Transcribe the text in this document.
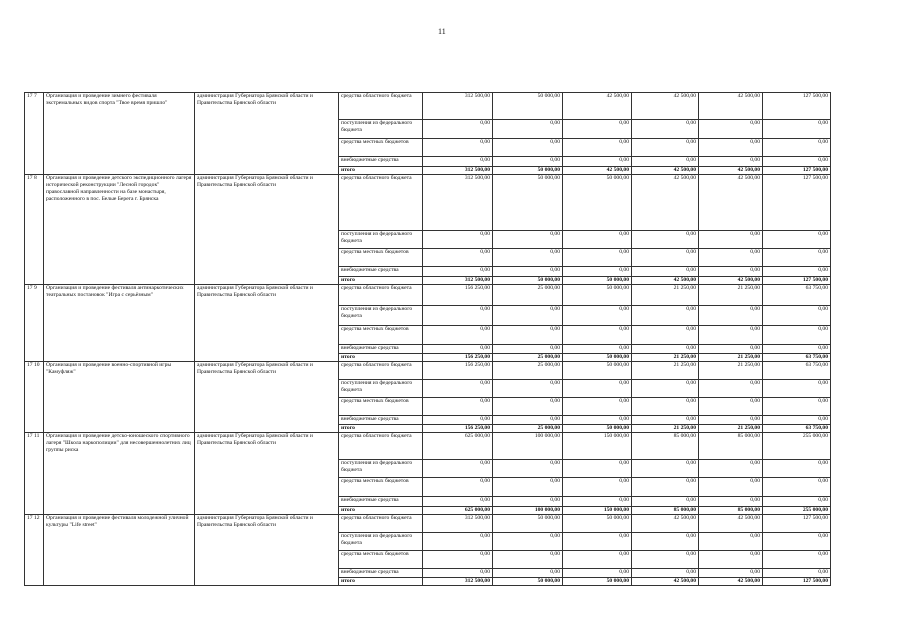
11
17 7	Организация и проведение зимнего фестиваля экстремальных видов спорта "Твое время пришло"	администрация Губернатора Брянской области и Правительства Брянской области	средства областного бюджета	312 500,00	50 000,00	42 500,00	42 500,00	42 500,00	127 500,00
			поступления из федерального бюджета	0,00	0,00	0,00	0,00	0,00	0,00
			средства местных бюджетов	0,00	0,00	0,00	0,00	0,00	0,00
			внебюджетные средства	0,00	0,00	0,00	0,00	0,00	0,00
			итого	312 500,00	50 000,00	42 500,00	42 500,00	42 500,00	127 500,00
17 8	Организация и проведение детского экспедиционного лагеря исторической реконструкции "Лесной городок" православной направленности на базе монастыря, расположенного в пос. Белые Берега г. Брянска	администрация Губернатора Брянской области и Правительства Брянской области	средства областного бюджета	312 500,00	50 000,00	50 000,00	42 500,00	42 500,00	127 500,00
			поступления из федерального бюджета	0,00	0,00	0,00	0,00	0,00	0,00
			средства местных бюджетов	0,00	0,00	0,00	0,00	0,00	0,00
			внебюджетные средства	0,00	0,00	0,00	0,00	0,00	0,00
			итого	312 500,00	50 000,00	50 000,00	42 500,00	42 500,00	127 500,00
17 9	Организация и проведение фестиваля антинаркотических театральных постановок "Игра с серьёзным"	администрация Губернатора Брянской области и Правительства Брянской области	средства областного бюджета	156 250,00	25 000,00	50 000,00	21 250,00	21 250,00	63 750,00
			поступления из федерального бюджета	0,00	0,00	0,00	0,00	0,00	0,00
			средства местных бюджетов	0,00	0,00	0,00	0,00	0,00	0,00
			внебюджетные средства	0,00	0,00	0,00	0,00	0,00	0,00
			итого	156 250,00	25 000,00	50 000,00	21 250,00	21 250,00	63 750,00
17 10	Организация и проведение военно-спортивной игры "Камуфляж"	администрация Губернатора Брянской области и Правительства Брянской области	средства областного бюджета	156 250,00	25 000,00	50 000,00	21 250,00	21 250,00	63 750,00
			поступления из федерального бюджета	0,00	0,00	0,00	0,00	0,00	0,00
			средства местных бюджетов	0,00	0,00	0,00	0,00	0,00	0,00
			внебюджетные средства	0,00	0,00	0,00	0,00	0,00	0,00
			итого	156 250,00	25 000,00	50 000,00	21 250,00	21 250,00	63 750,00
17 11	Организация и проведение детско-юношеского спортивного лагеря "Школа наркополиции" для несовершеннолетних лиц группы риска	администрация Губернатора Брянской области и Правительства Брянской области	средства областного бюджета	625 000,00	100 000,00	150 000,00	85 000,00	85 000,00	255 000,00
			поступления из федерального бюджета	0,00	0,00	0,00	0,00	0,00	0,00
			средства местных бюджетов	0,00	0,00	0,00	0,00	0,00	0,00
			внебюджетные средства	0,00	0,00	0,00	0,00	0,00	0,00
			итого	625 000,00	100 000,00	150 000,00	85 000,00	85 000,00	255 000,00
17 12	Организация и проведение фестиваля молодежной уличной культуры "Life street"	администрация Губернатора Брянской области и Правительства Брянской области	средства областного бюджета	312 500,00	50 000,00	50 000,00	42 500,00	42 500,00	127 500,00
			поступления из федерального бюджета	0,00	0,00	0,00	0,00	0,00	0,00
			средства местных бюджетов	0,00	0,00	0,00	0,00	0,00	0,00
			внебюджетные средства	0,00	0,00	0,00	0,00	0,00	0,00
			итого	312 500,00	50 000,00	50 000,00	42 500,00	42 500,00	127 500,00
